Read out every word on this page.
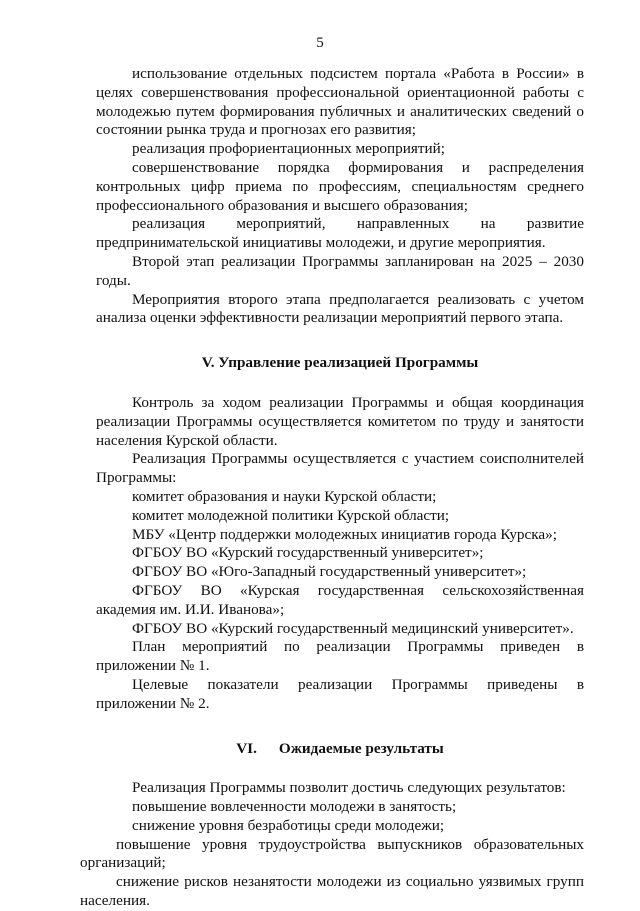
5

использование отдельных подсистем портала «Работа в России» в целях совершенствования профессиональной ориентационной работы с молодежью путем формирования публичных и аналитических сведений о состоянии рынка труда и прогнозах его развития;

реализация профориентационных мероприятий;

совершенствование порядка формирования и распределения контрольных цифр приема по профессиям, специальностям среднего профессионального образования и высшего образования;

реализация мероприятий, направленных на развитие предпринимательской инициативы молодежи, и другие мероприятия.

Второй этап реализации Программы запланирован на 2025 – 2030 годы.

Мероприятия второго этапа предполагается реализовать с учетом анализа оценки эффективности реализации мероприятий первого этапа.

V. Управление реализацией Программы

Контроль за ходом реализации Программы и общая координация реализации Программы осуществляется комитетом по труду и занятости населения Курской области.

Реализация Программы осуществляется с участием соисполнителей Программы:

комитет образования и науки Курской области;

комитет молодежной политики Курской области;

МБУ «Центр поддержки молодежных инициатив города Курска»;

ФГБОУ ВО «Курский государственный университет»;

ФГБОУ ВО «Юго-Западный государственный университет»;

ФГБОУ ВО «Курская государственная сельскохозяйственная академия им. И.И. Иванова»;

ФГБОУ ВО «Курский государственный медицинский университет».

План мероприятий по реализации Программы приведен в приложении № 1.

Целевые показатели реализации Программы приведены в приложении № 2.

VI. Ожидаемые результаты

Реализация Программы позволит достичь следующих результатов:

повышение вовлеченности молодежи в занятость;

снижение уровня безработицы среди молодежи;

повышение уровня трудоустройства выпускников образовательных организаций;

снижение рисков незанятости молодежи из социально уязвимых групп населения.
